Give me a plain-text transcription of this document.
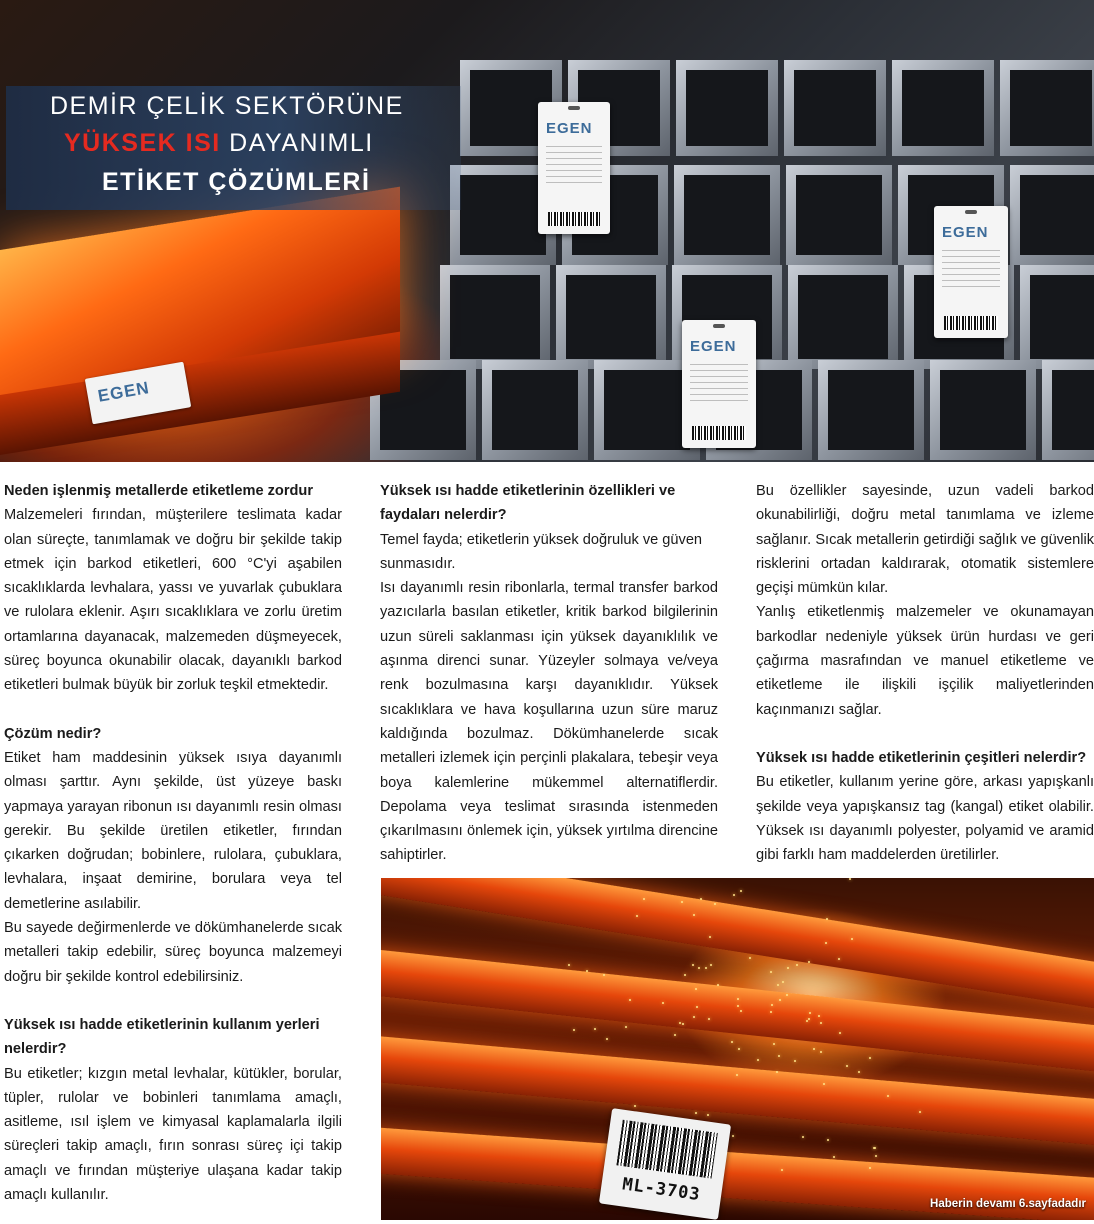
EGEN
DEMİR ÇELİK SEKTÖRÜNE
YÜKSEK ISI DAYANIMLI
ETİKET ÇÖZÜMLERİ
EGEN
EGEN
EGEN
Neden işlenmiş metallerde etiketleme zordur

Malzemeleri fırından, müşterilere teslimata kadar olan süreçte, tanımlamak ve doğru bir şekilde takip etmek için barkod etiketleri, 600 °C'yi aşabilen sıcaklıklarda levhalara, yassı ve yuvarlak çubuklara ve rulolara eklenir. Aşırı sıcaklıklara ve zorlu üretim ortamlarına dayanacak, malzemeden düşmeyecek, süreç boyunca okunabilir olacak, dayanıklı barkod etiketleri bulmak büyük bir zorluk teşkil etmektedir.

Çözüm nedir?

Etiket ham maddesinin yüksek ısıya dayanımlı olması şarttır. Aynı şekilde, üst yüzeye baskı yapmaya yarayan ribonun ısı dayanımlı resin olması gerekir. Bu şekilde üretilen etiketler, fırından çıkarken doğrudan; bobinlere, rulolara, çubuklara, levhalara, inşaat demirine, borulara veya tel demetlerine asılabilir.

Bu sayede değirmenlerde ve dökümhanelerde sıcak metalleri takip edebilir, süreç boyunca malzemeyi doğru bir şekilde kontrol edebilirsiniz.

Yüksek ısı hadde etiketlerinin kullanım yerleri nelerdir?

Bu etiketler; kızgın metal levhalar, kütükler, borular, tüpler, rulolar ve bobinleri tanımlama amaçlı, asitleme, ısıl işlem ve kimyasal kaplamalarla ilgili süreçleri takip amaçlı, fırın sonrası süreç içi takip amaçlı ve fırından müşteriye ulaşana kadar takip amaçlı kullanılır.

Yüksek ısı hadde etiketlerinin özellikleri ve faydaları nelerdir?

Temel fayda; etiketlerin yüksek doğruluk ve güven sunmasıdır.

Isı dayanımlı resin ribonlarla, termal transfer barkod yazıcılarla basılan etiketler, kritik barkod bilgilerinin uzun süreli saklanması için yüksek dayanıklılık ve aşınma direnci sunar. Yüzeyler solmaya ve/veya renk bozulmasına karşı dayanıklıdır. Yüksek sıcaklıklara ve hava koşullarına uzun süre maruz kaldığında bozulmaz. Dökümhanelerde sıcak metalleri izlemek için perçinli plakalara, tebeşir veya boya kalemlerine mükemmel alternatiflerdir. Depolama veya teslimat sırasında istenmeden çıkarılmasını önlemek için, yüksek yırtılma direncine sahiptirler.

Bu özellikler sayesinde, uzun vadeli barkod okunabilirliği, doğru metal tanımlama ve izleme sağlanır. Sıcak metallerin getirdiği sağlık ve güvenlik risklerini ortadan kaldırarak, otomatik sistemlere geçişi mümkün kılar.

Yanlış etiketlenmiş malzemeler ve okunamayan barkodlar nedeniyle yüksek ürün hurdası ve geri çağırma masrafından ve manuel etiketleme ve etiketleme ile ilişkili işçilik maliyetlerinden kaçınmanızı sağlar.

Yüksek ısı hadde etiketlerinin çeşitleri nelerdir?

Bu etiketler, kullanım yerine göre, arkası yapışkanlı şekilde veya yapışkansız tag (kangal) etiket olabilir. Yüksek ısı dayanımlı polyester, polyamid ve aramid gibi farklı ham maddelerden üretilirler.

ML-3703	Haberin devamı 6.sayfadadır
